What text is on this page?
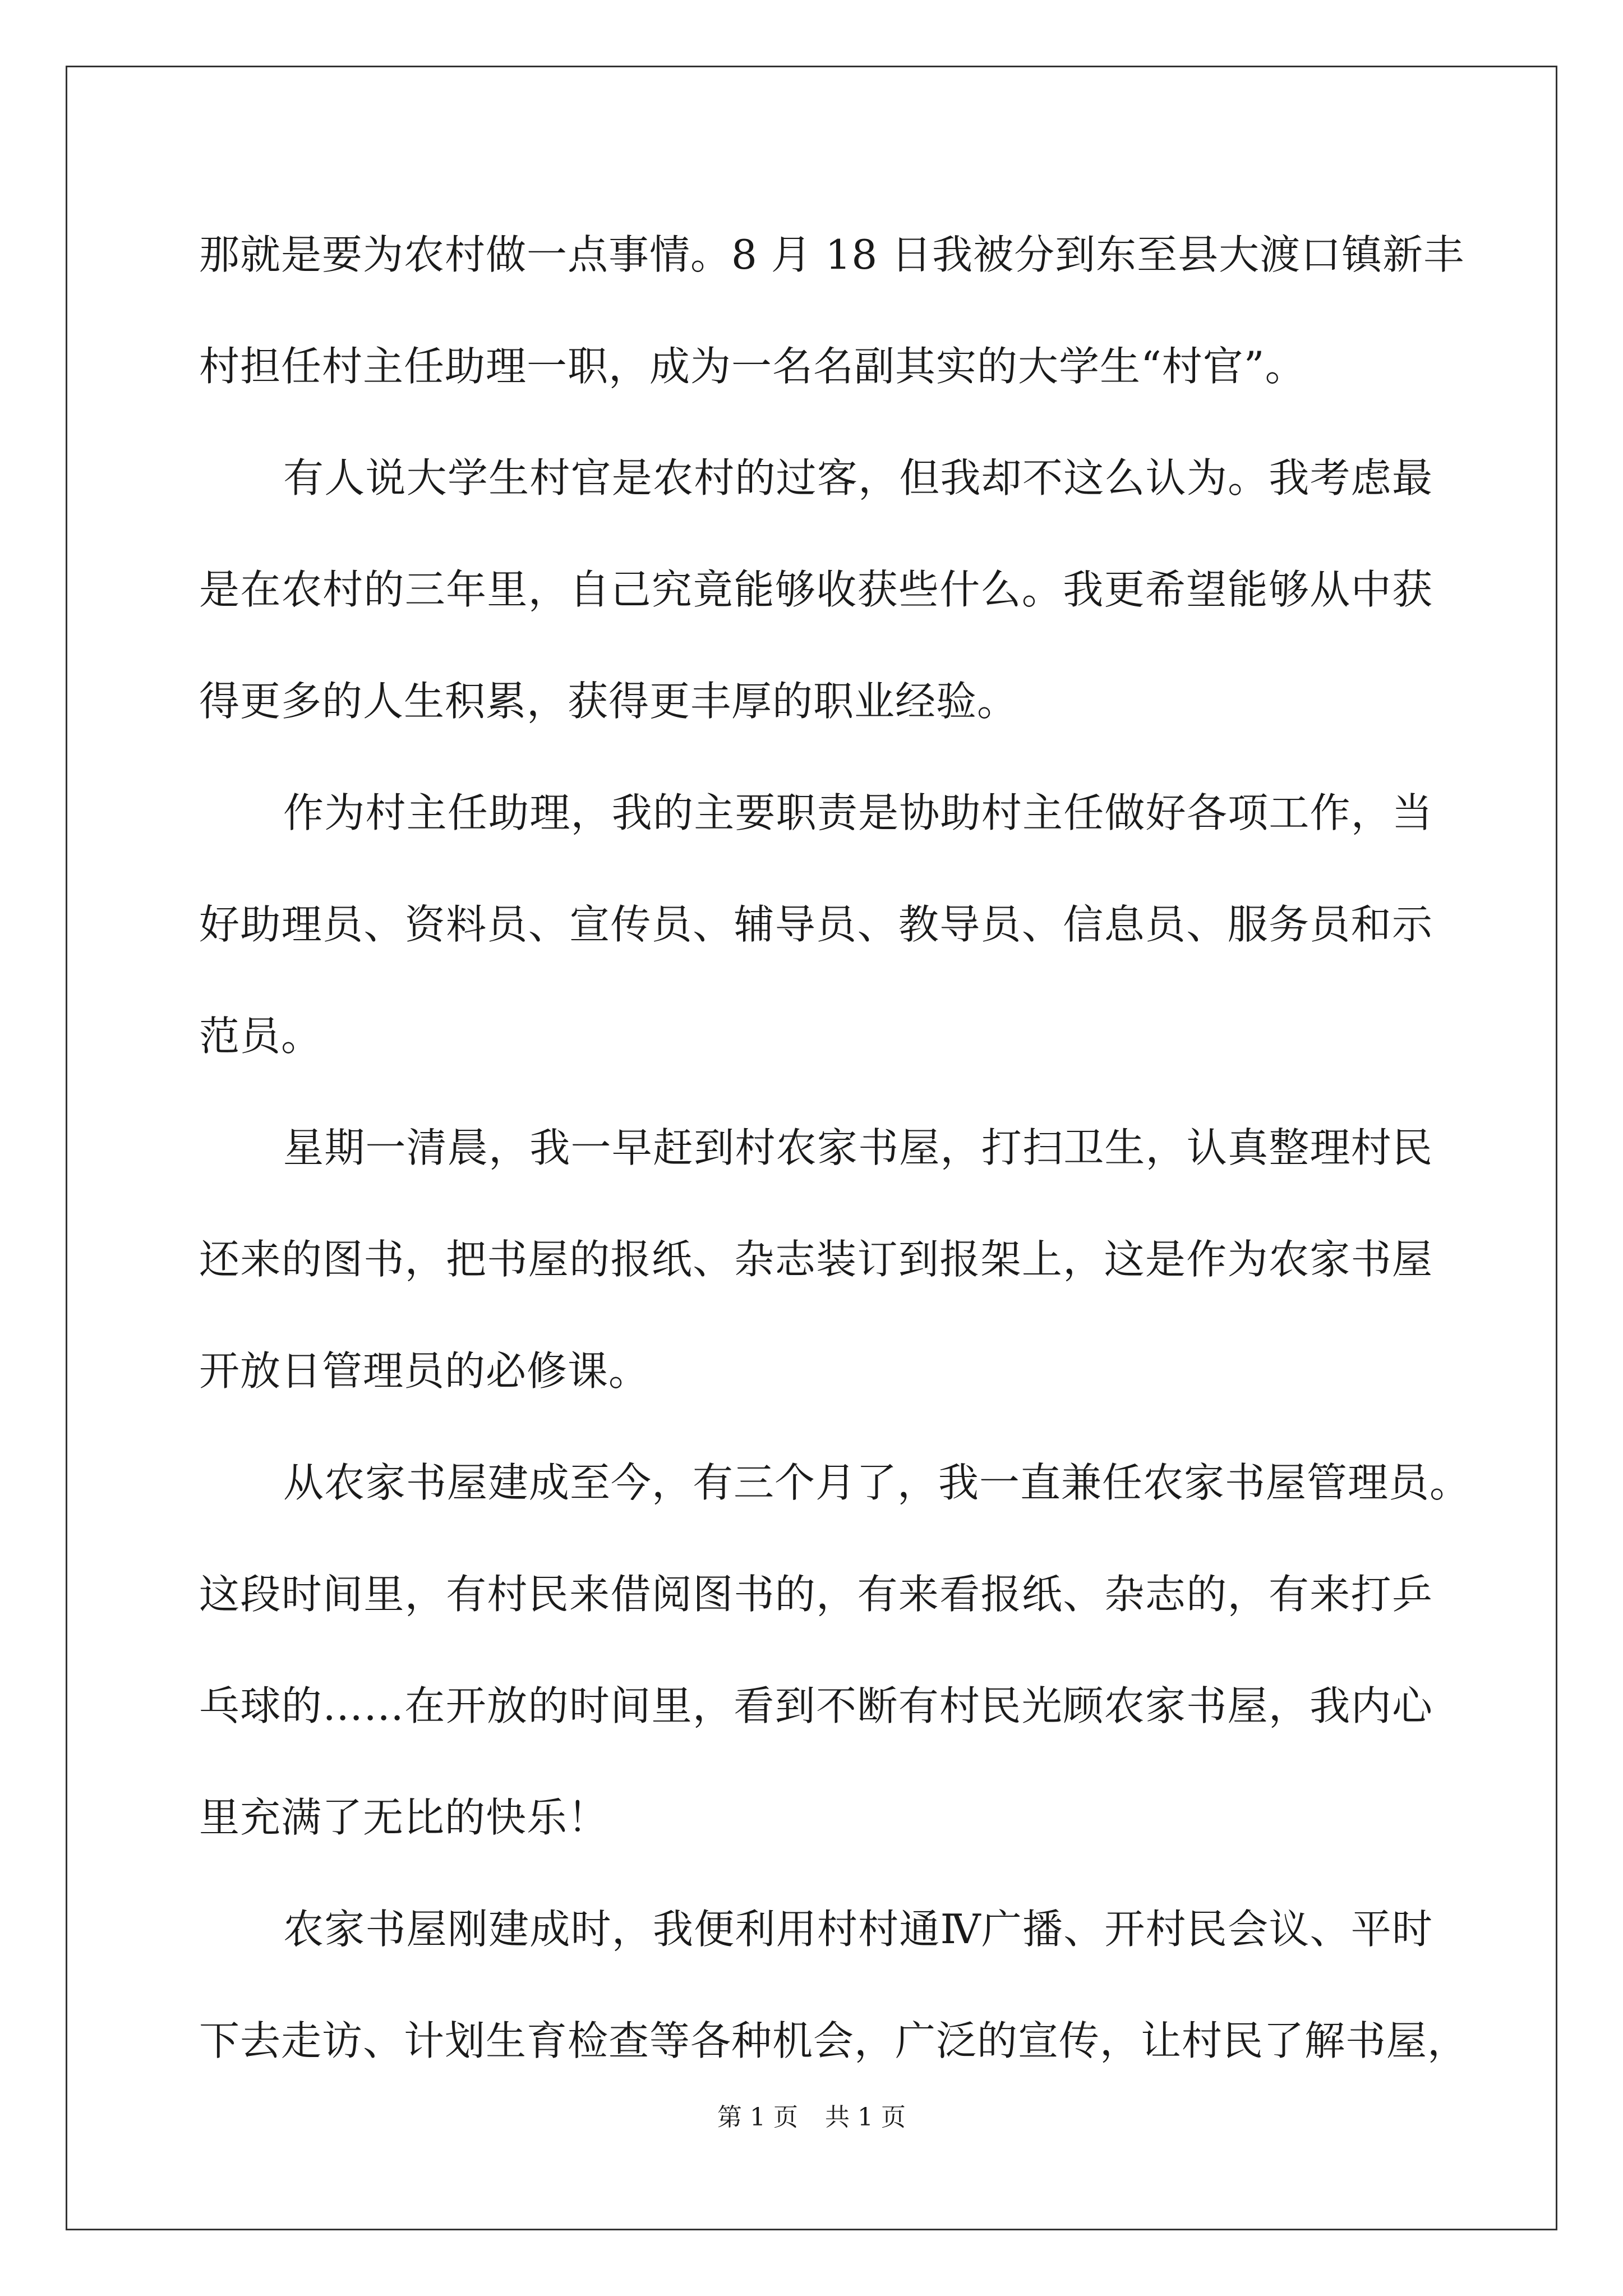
那就是要为农村做一点事情。8 月 18 日我被分到东至县大渡口镇新丰
村担任村主任助理一职，成为一名名副其实的大学生“村官”。
有人说大学生村官是农村的过客，但我却不这么认为。我考虑最
是在农村的三年里，自己究竟能够收获些什么。我更希望能够从中获
得更多的人生积累，获得更丰厚的职业经验。
作为村主任助理，我的主要职责是协助村主任做好各项工作，当
好助理员、资料员、宣传员、辅导员、教导员、信息员、服务员和示
范员。
星期一清晨，我一早赶到村农家书屋，打扫卫生，认真整理村民
还来的图书，把书屋的报纸、杂志装订到报架上，这是作为农家书屋
开放日管理员的必修课。
从农家书屋建成至今，有三个月了，我一直兼任农家书屋管理员。
这段时间里，有村民来借阅图书的，有来看报纸、杂志的，有来打乒
乓球的……在开放的时间里，看到不断有村民光顾农家书屋，我内心
里充满了无比的快乐！
农家书屋刚建成时，我便利用村村通Ⅳ广播、开村民会议、平时
下去走访、计划生育检查等各种机会，广泛的宣传，让村民了解书屋，
第 1 页 共 1 页
